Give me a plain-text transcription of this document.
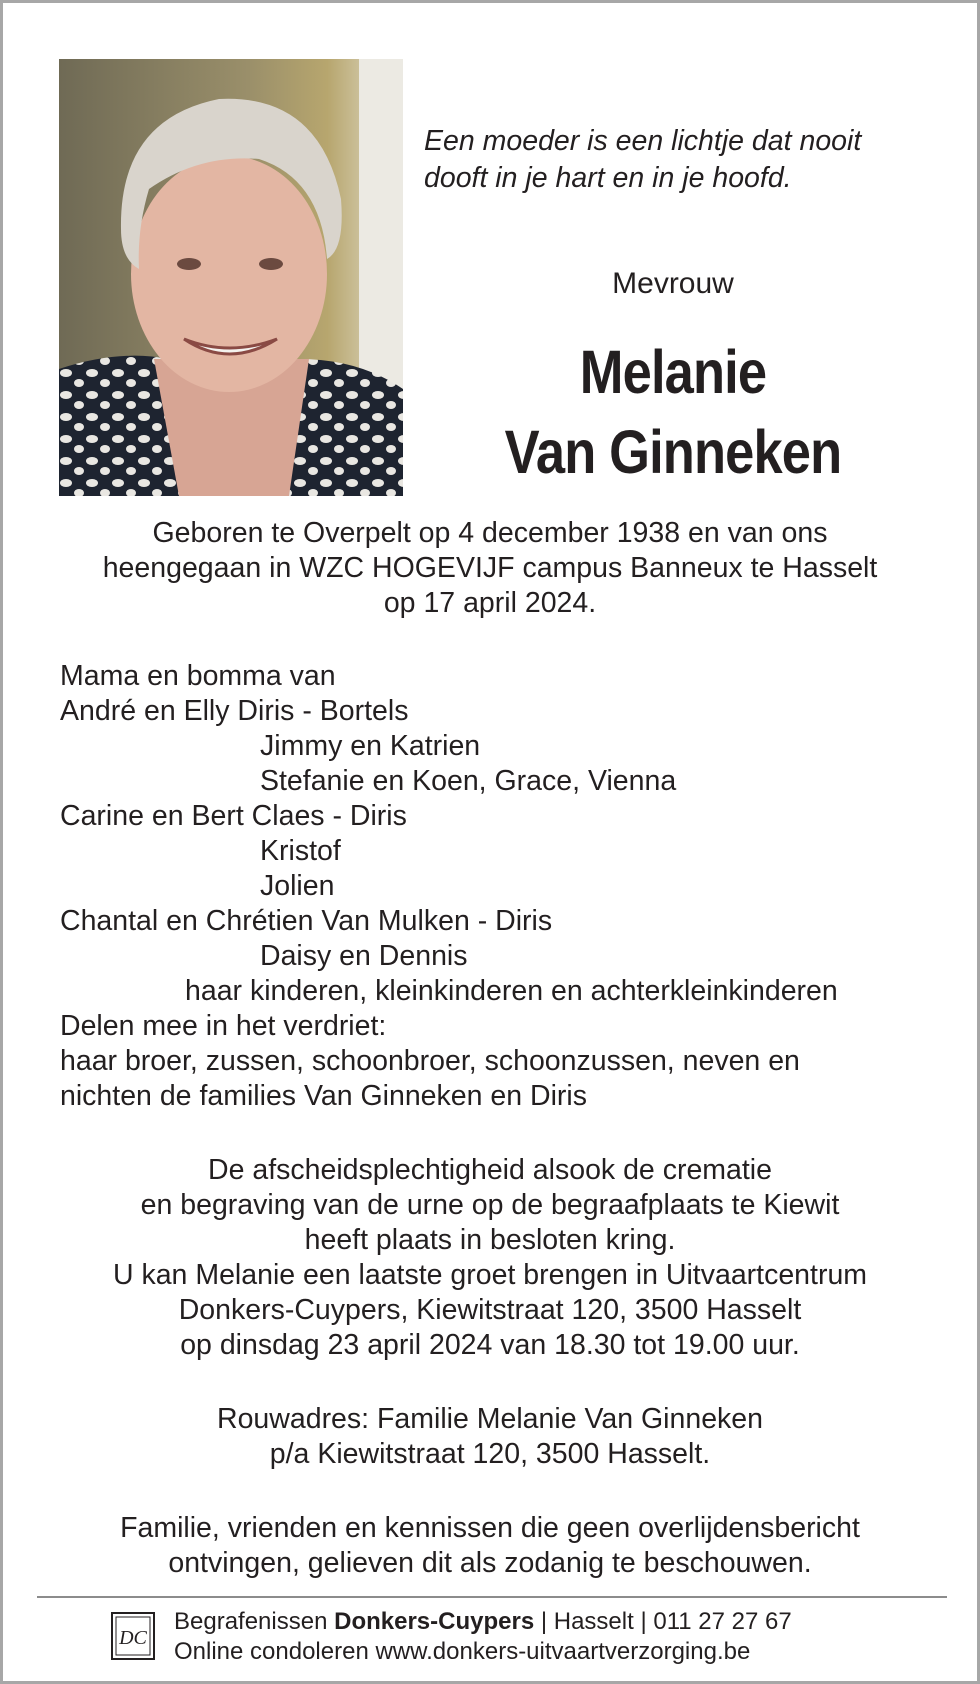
Een moeder is een lichtje dat nooit
dooft in je hart en in je hoofd.
Mevrouw
Melanie
Van Ginneken
Geboren te Overpelt op 4 december 1938 en van ons
heengegaan in WZC HOGEVIJF campus Banneux te Hasselt
op 17 april 2024.
Mama en bomma van
André en Elly Diris - Bortels
Jimmy en Katrien
Stefanie en Koen, Grace, Vienna
Carine en Bert Claes - Diris
Kristof
Jolien
Chantal en Chrétien Van Mulken - Diris
Daisy en Dennis
haar kinderen, kleinkinderen en achterkleinkinderen
Delen mee in het verdriet:
haar broer, zussen, schoonbroer, schoonzussen, neven en
nichten de families Van Ginneken en Diris
De afscheidsplechtigheid alsook de crematie
en begraving van de urne op de begraafplaats te Kiewit
heeft plaats in besloten kring.
U kan Melanie een laatste groet brengen in Uitvaartcentrum
Donkers-Cuypers, Kiewitstraat 120, 3500 Hasselt
op dinsdag 23 april 2024 van 18.30 tot 19.00 uur.
Rouwadres: Familie Melanie Van Ginneken
p/a Kiewitstraat 120, 3500 Hasselt.
Familie, vrienden en kennissen die geen overlijdensbericht
ontvingen, gelieven dit als zodanig te beschouwen.
DC
Begrafenissen Donkers-Cuypers | Hasselt | 011 27 27 67
Online condoleren www.donkers-uitvaartverzorging.be
